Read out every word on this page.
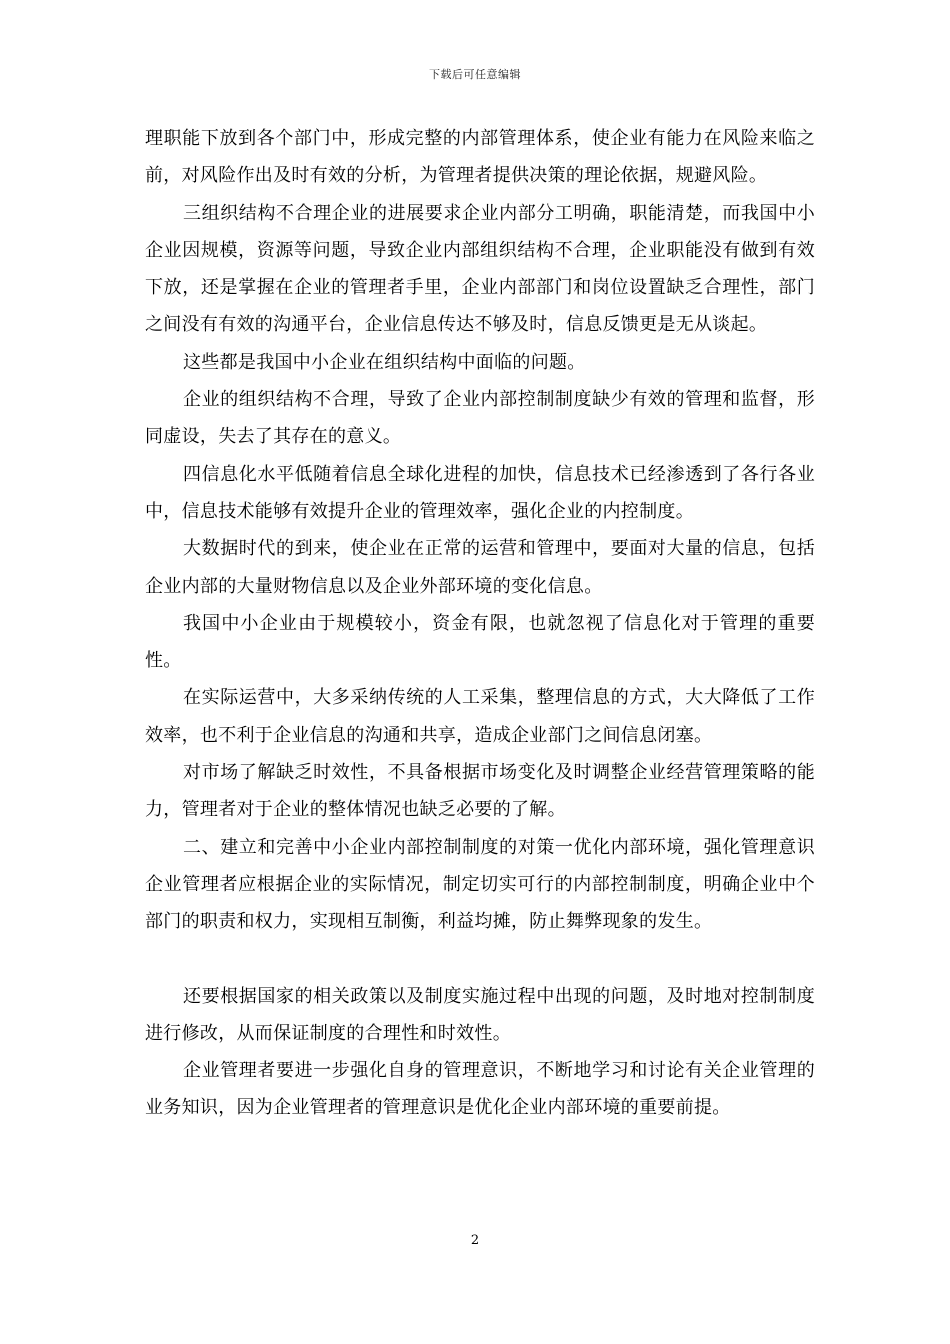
下载后可任意编辑

理职能下放到各个部门中，形成完整的内部管理体系，使企业有能力在风险来临之前，对风险作出及时有效的分析，为管理者提供决策的理论依据，规避风险。

三组织结构不合理企业的进展要求企业内部分工明确，职能清楚，而我国中小企业因规模，资源等问题，导致企业内部组织结构不合理，企业职能没有做到有效下放，还是掌握在企业的管理者手里，企业内部部门和岗位设置缺乏合理性，部门之间没有有效的沟通平台，企业信息传达不够及时，信息反馈更是无从谈起。

这些都是我国中小企业在组织结构中面临的问题。

企业的组织结构不合理，导致了企业内部控制制度缺少有效的管理和监督，形同虚设，失去了其存在的意义。

四信息化水平低随着信息全球化进程的加快，信息技术已经渗透到了各行各业中，信息技术能够有效提升企业的管理效率，强化企业的内控制度。

大数据时代的到来，使企业在正常的运营和管理中，要面对大量的信息，包括企业内部的大量财物信息以及企业外部环境的变化信息。

我国中小企业由于规模较小，资金有限，也就忽视了信息化对于管理的重要性。

在实际运营中，大多采纳传统的人工采集，整理信息的方式，大大降低了工作效率，也不利于企业信息的沟通和共享，造成企业部门之间信息闭塞。

对市场了解缺乏时效性，不具备根据市场变化及时调整企业经营管理策略的能力，管理者对于企业的整体情况也缺乏必要的了解。

二、建立和完善中小企业内部控制制度的对策一优化内部环境，强化管理意识企业管理者应根据企业的实际情况，制定切实可行的内部控制制度，明确企业中个部门的职责和权力，实现相互制衡，利益均摊，防止舞弊现象的发生。

还要根据国家的相关政策以及制度实施过程中出现的问题，及时地对控制制度进行修改，从而保证制度的合理性和时效性。

企业管理者要进一步强化自身的管理意识，不断地学习和讨论有关企业管理的业务知识，因为企业管理者的管理意识是优化企业内部环境的重要前提。

2
